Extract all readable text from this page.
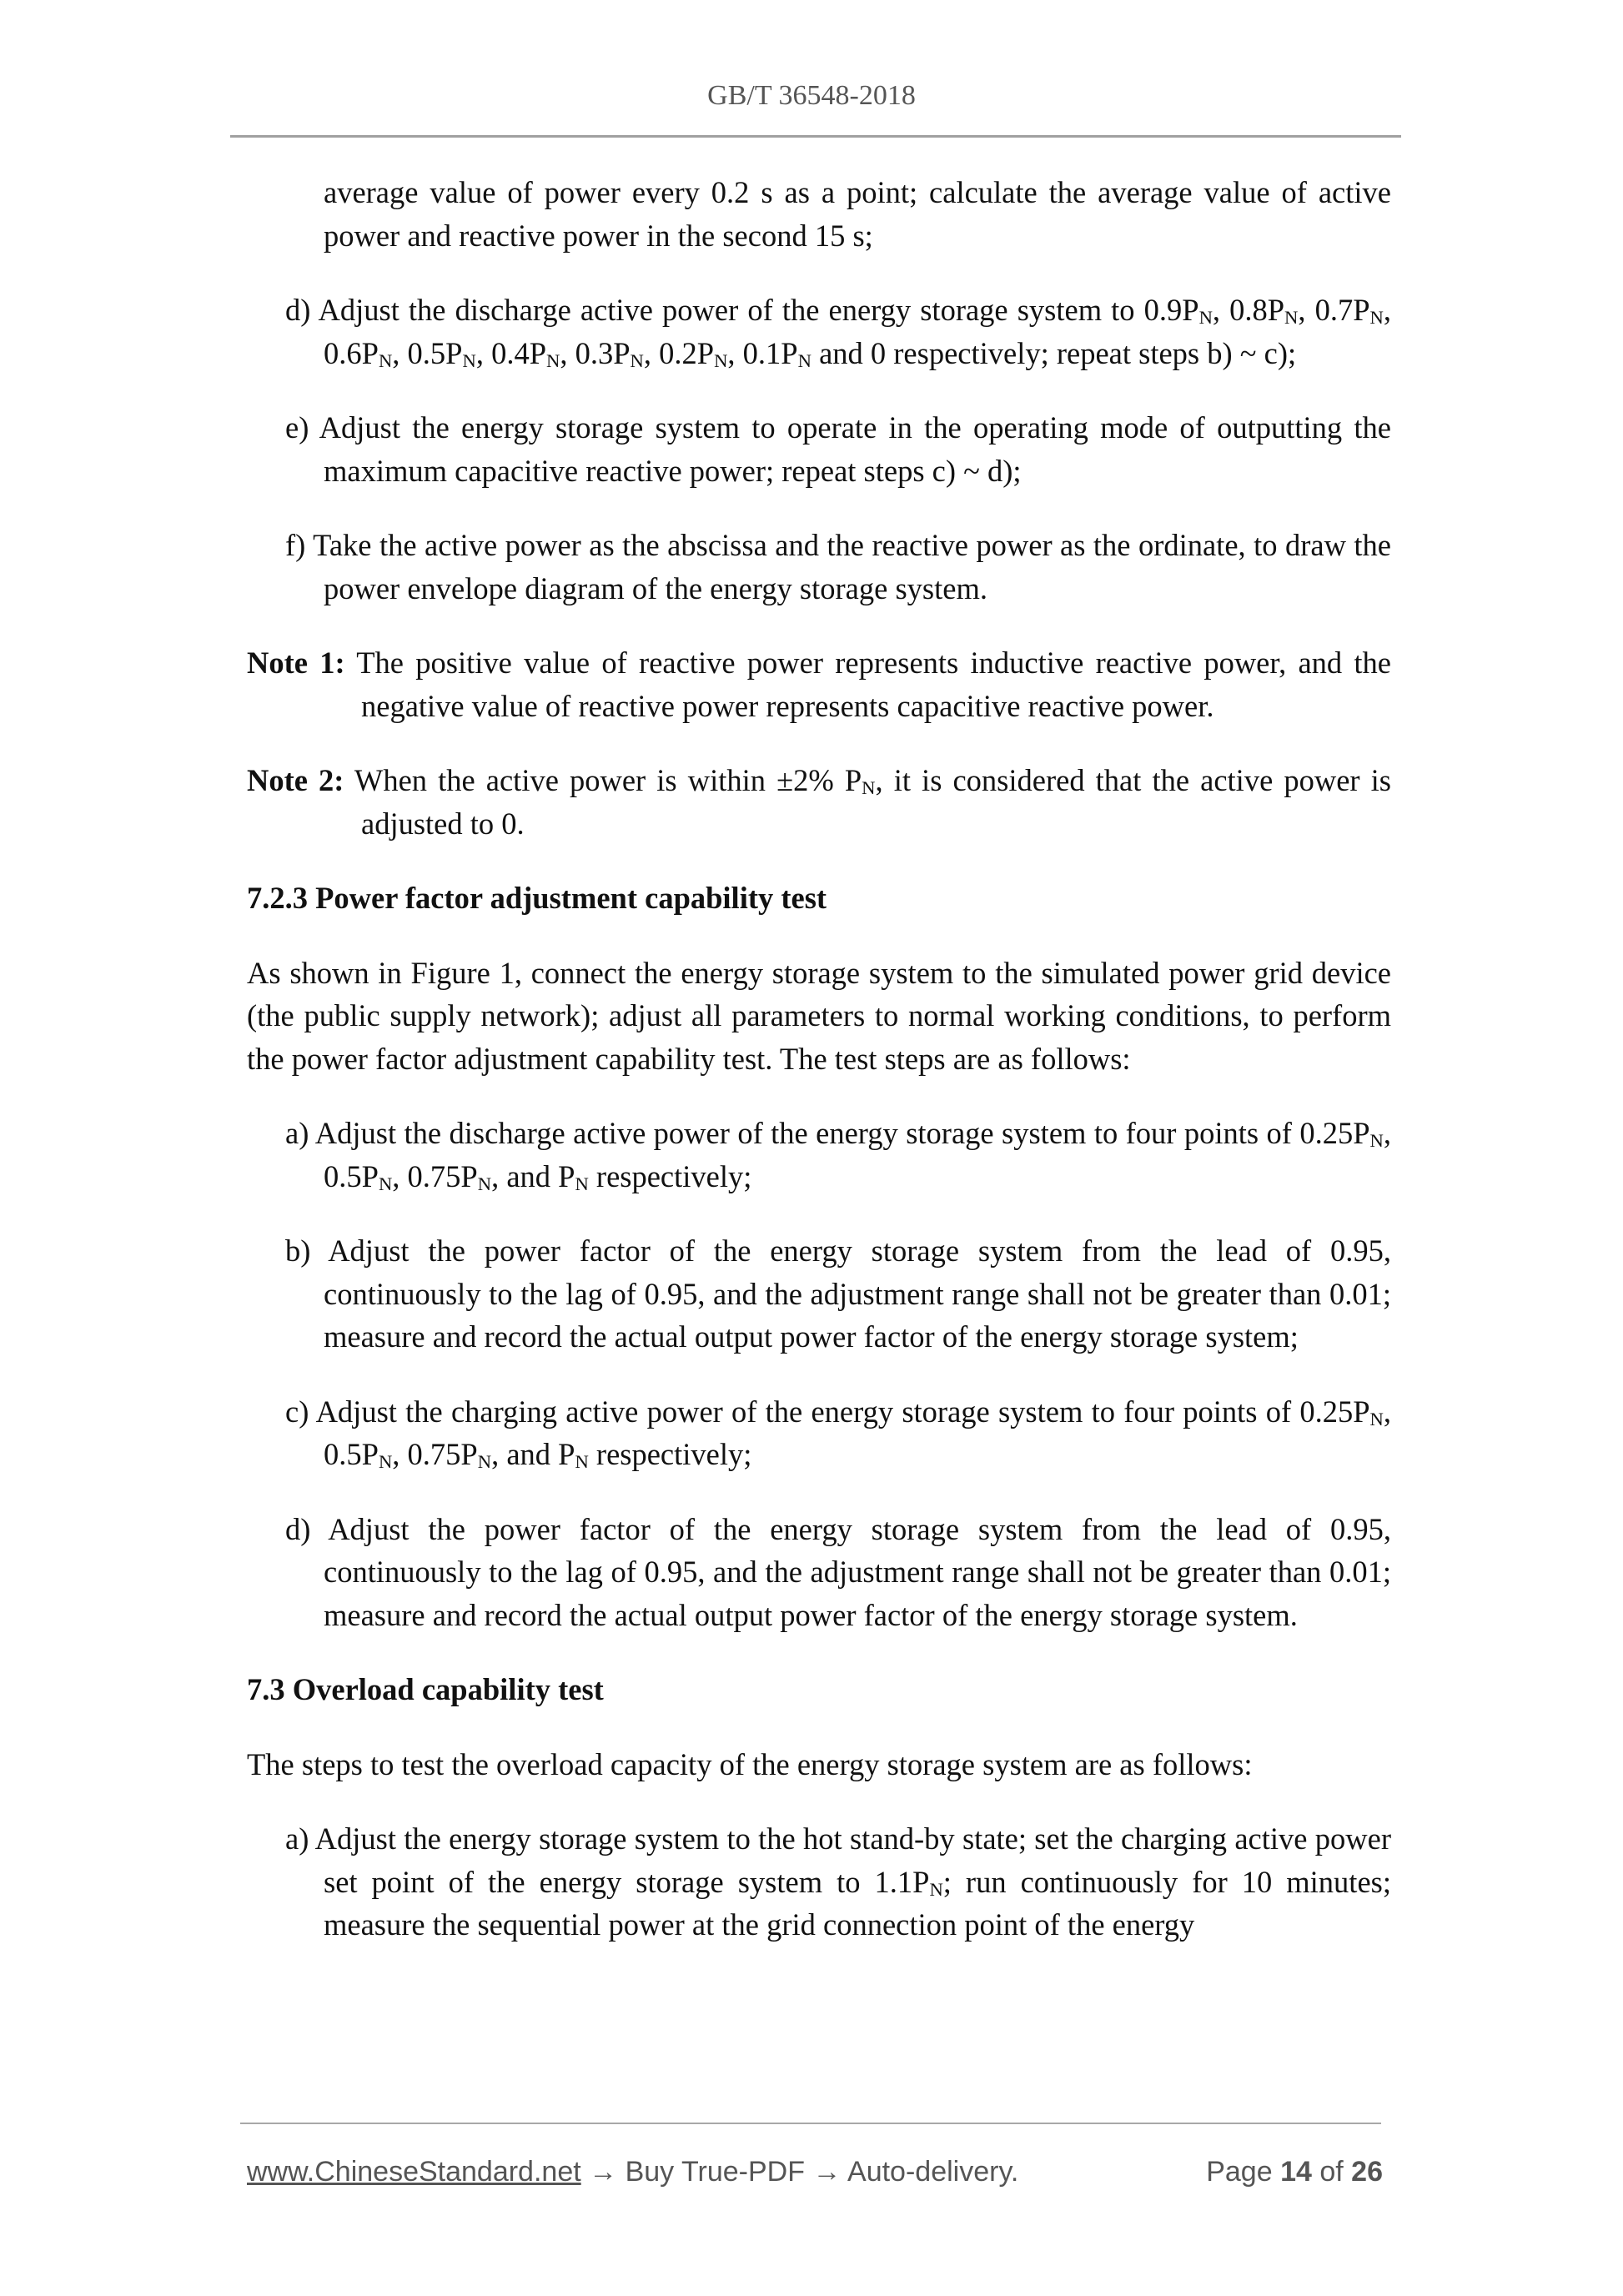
GB/T 36548-2018

average value of power every 0.2 s as a point; calculate the average value of active power and reactive power in the second 15 s;

d) Adjust the discharge active power of the energy storage system to $0.9P_N$, $0.8P_N$, $0.7P_N$, $0.6P_N$, $0.5P_N$, $0.4P_N$, $0.3P_N$, $0.2P_N$, $0.1P_N$ and 0 respectively; repeat steps b) ~ c);

e) Adjust the energy storage system to operate in the operating mode of outputting the maximum capacitive reactive power; repeat steps c) ~ d);

f) Take the active power as the abscissa and the reactive power as the ordinate, to draw the power envelope diagram of the energy storage system.

Note 1: The positive value of reactive power represents inductive reactive power, and the negative value of reactive power represents capacitive reactive power.

Note 2: When the active power is within ±2% $P_N$, it is considered that the active power is adjusted to 0.

7.2.3 Power factor adjustment capability test

As shown in Figure 1, connect the energy storage system to the simulated power grid device (the public supply network); adjust all parameters to normal working conditions, to perform the power factor adjustment capability test. The test steps are as follows:

a) Adjust the discharge active power of the energy storage system to four points of $0.25P_N$, $0.5P_N$, $0.75P_N$, and $P_N$ respectively;

b) Adjust the power factor of the energy storage system from the lead of 0.95, continuously to the lag of 0.95, and the adjustment range shall not be greater than 0.01; measure and record the actual output power factor of the energy storage system;

c) Adjust the charging active power of the energy storage system to four points of $0.25P_N$, $0.5P_N$, $0.75P_N$, and $P_N$ respectively;

d) Adjust the power factor of the energy storage system from the lead of 0.95, continuously to the lag of 0.95, and the adjustment range shall not be greater than 0.01; measure and record the actual output power factor of the energy storage system.

7.3 Overload capability test

The steps to test the overload capacity of the energy storage system are as follows:

a) Adjust the energy storage system to the hot stand-by state; set the charging active power set point of the energy storage system to $1.1P_N$; run continuously for 10 minutes; measure the sequential power at the grid connection point of the energy

www.ChineseStandard.net → Buy True-PDF → Auto-delivery.	Page 14 of 26
